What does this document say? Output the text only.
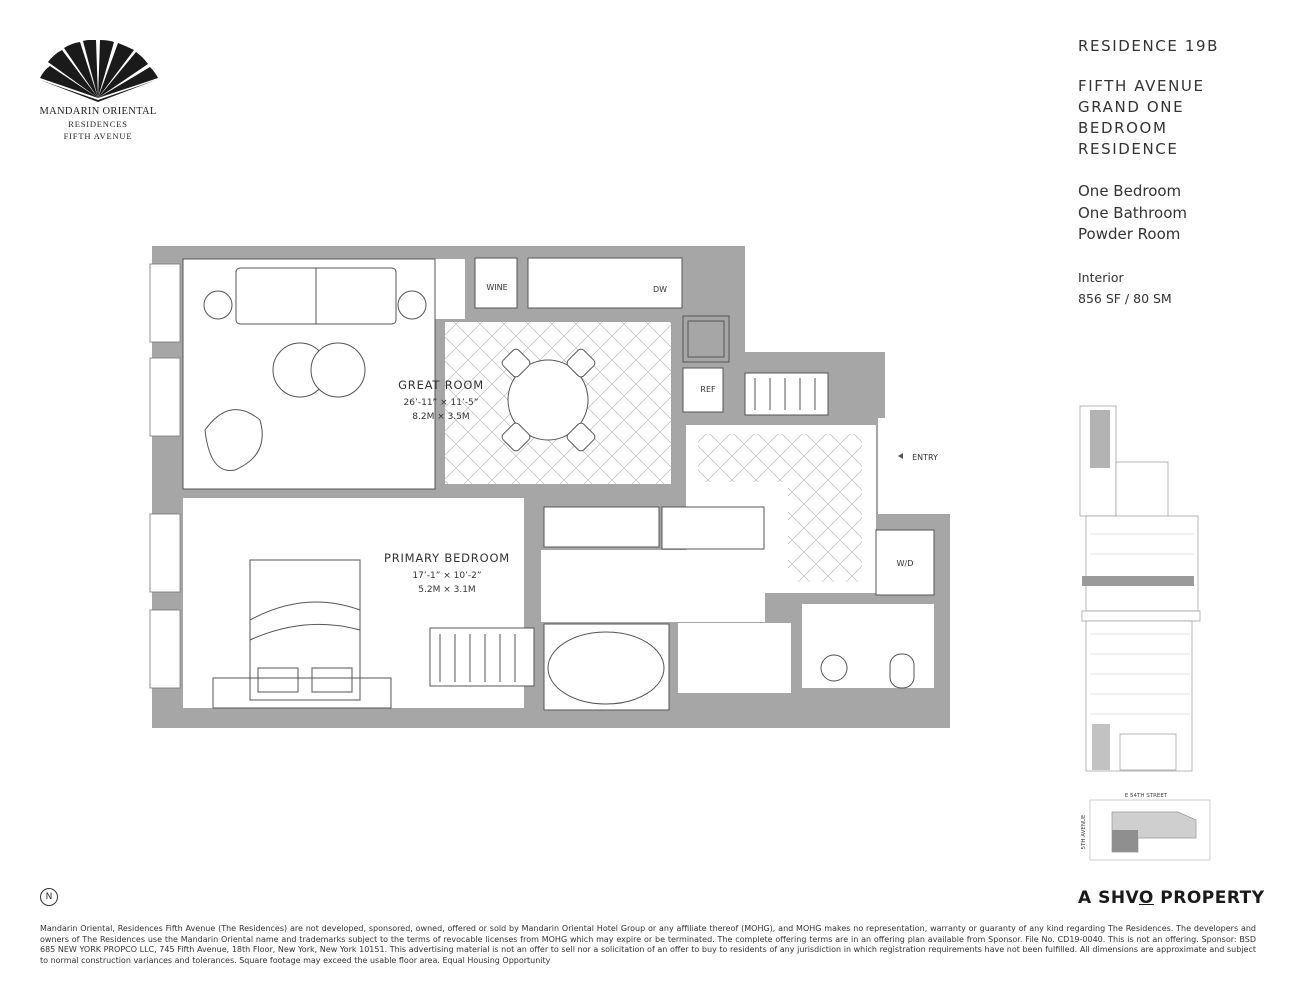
MANDARIN ORIENTAL
RESIDENCES
FIFTH AVENUE
RESIDENCE 19B
FIFTH AVENUE
GRAND ONE
BEDROOM
RESIDENCE
One Bedroom
One Bathroom
Powder Room
Interior
856 SF / 80 SM
GREAT ROOM
26’-11” × 11’-5”
8.2M × 3.5M
PRIMARY BEDROOM
17’-1” × 10’-2”
5.2M × 3.1M
WINE	DW
REF
W/D
ENTRY
E 54TH STREET
5TH AVENUE
N	A SHVO PROPERTY
Mandarin Oriental, Residences Fifth Avenue (The Residences) are not developed, sponsored, owned, offered or sold by Mandarin Oriental Hotel Group or any affiliate thereof (MOHG), and MOHG makes no representation, warranty or guaranty of any kind regarding The Residences. The developers and owners of The Residences use the Mandarin Oriental name and trademarks subject to the terms of revocable licenses from MOHG which may expire or be terminated. The complete offering terms are in an offering plan available from Sponsor. File No. CD19-0040. This is not an offering. Sponsor: BSD 685 NEW YORK PROPCO LLC, 745 Fifth Avenue, 18th Floor, New York, New York 10151. This advertising material is not an offer to sell nor a solicitation of an offer to buy to residents of any jurisdiction in which registration requirements have not been fulfilled. All dimensions are approximate and subject to normal construction variances and tolerances. Square footage may exceed the usable floor area. Equal Housing Opportunity
